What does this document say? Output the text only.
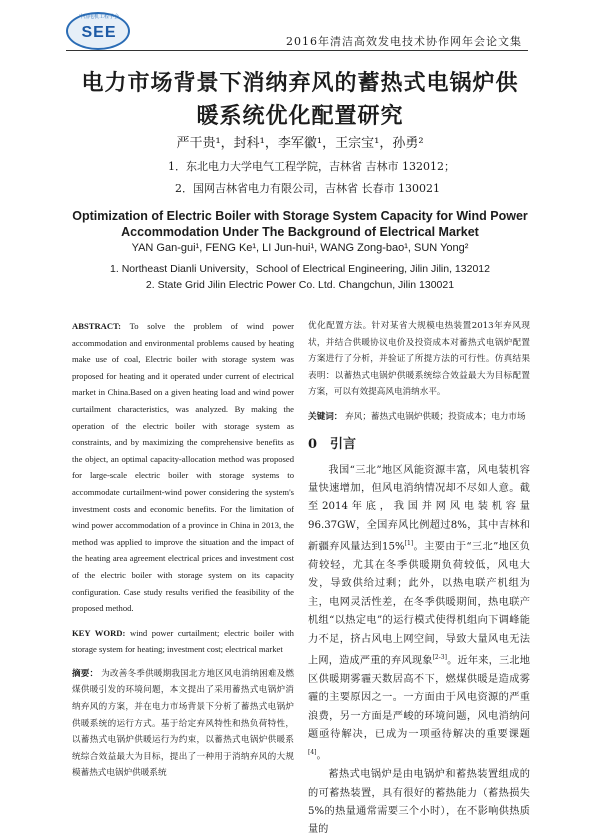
中国电机工程学会
SEE
2016年清洁高效发电技术协作网年会论文集
电力市场背景下消纳弃风的蓄热式电锅炉供
暖系统优化配置研究
严干贵¹，封科¹，李军徽¹，王宗宝¹，孙勇²
1．东北电力大学电气工程学院，吉林省 吉林市 132012；
2．国网吉林省电力有限公司，吉林省 长春市 130021
Optimization of Electric Boiler with Storage System Capacity for Wind Power
Accommodation Under The Background of Electrical Market
YAN Gan-gui¹, FENG Ke¹, LI Jun-hui¹, WANG Zong-bao¹, SUN Yong²
1. Northeast Dianli University，School of Electrical Engineering, Jilin Jilin, 132012
2. State Grid Jilin Electric Power Co. Ltd. Changchun, Jilin 130021

ABSTRACT: To solve the problem of wind power accommodation and environmental problems caused by heating make use of coal, Electric boiler with storage system was proposed for heating and it operated under current of electrical market in China.Based on a given heating load and wind power curtailment characteristics, was analyzed. By making the operation of the electric boiler with storage system as constraints, and by maximizing the comprehensive benefits as the object, an optimal capacity-allocation method was proposed for large-scale electric boiler with storage systems to accommodate curtailment-wind power considering the system's investment costs and economic benefits. For the limitation of wind power accommodation of a province in China in 2013, the method was applied to improve the situation and the impact of the heating area agreement electrical prices and investment cost of the electric boiler with storage system on its capacity configuration. Case study results verified the feasibility of the proposed method.

KEY WORD: wind power curtailment; electric boiler with storage system for heating; investment cost; electrical market

摘要： 为改善冬季供暖期我国北方地区风电消纳困难及燃煤供暖引发的环境问题，本文提出了采用蓄热式电锅炉消纳弃风的方案，并在电力市场背景下分析了蓄热式电锅炉供暖系统的运行方式。基于给定弃风特性和热负荷特性，以蓄热式电锅炉供暖运行为约束，以蓄热式电锅炉供暖系统综合效益最大为目标，提出了一种用于消纳弃风的大规模蓄热式电锅炉供暖系统

优化配置方法。针对某省大规模电热装置2013年弃风现状，并结合供暖协议电价及投资成本对蓄热式电锅炉配置方案进行了分析，并验证了所提方法的可行性。仿真结果表明：以蓄热式电锅炉供暖系统综合效益最大为目标配置方案，可以有效提高风电消纳水平。

关键词： 弃风；蓄热式电锅炉供暖；投资成本；电力市场

0　引言

我国“三北”地区风能资源丰富，风电装机容量快速增加，但风电消纳情况却不尽如人意。截至2014年底，我国并网风电装机容量96.37GW，全国弃风比例超过8%，其中吉林和新疆弃风量达到15%[1]。主要由于“三北”地区负荷较轻，尤其在冬季供暖期负荷较低，风电大发，导致供给过剩；此外，以热电联产机组为主，电网灵活性差，在冬季供暖期间，热电联产机组“以热定电”的运行模式使得机组向下调峰能力不足，挤占风电上网空间，导致大量风电无法上网，造成严重的弃风现象[2-3]。近年来，三北地区供暖期雾霾天数居高不下，燃煤供暖是造成雾霾的主要原因之一。一方面由于风电资源的严重浪费，另一方面是严峻的环境问题，风电消纳问题亟待解决，已成为一项亟待解决的重要课题[4]。

蓄热式电锅炉是由电锅炉和蓄热装置组成的的可蓄热装置，具有很好的蓄热能力（蓄热损失5%的热量通常需要三个小时），在不影响供热质量的
